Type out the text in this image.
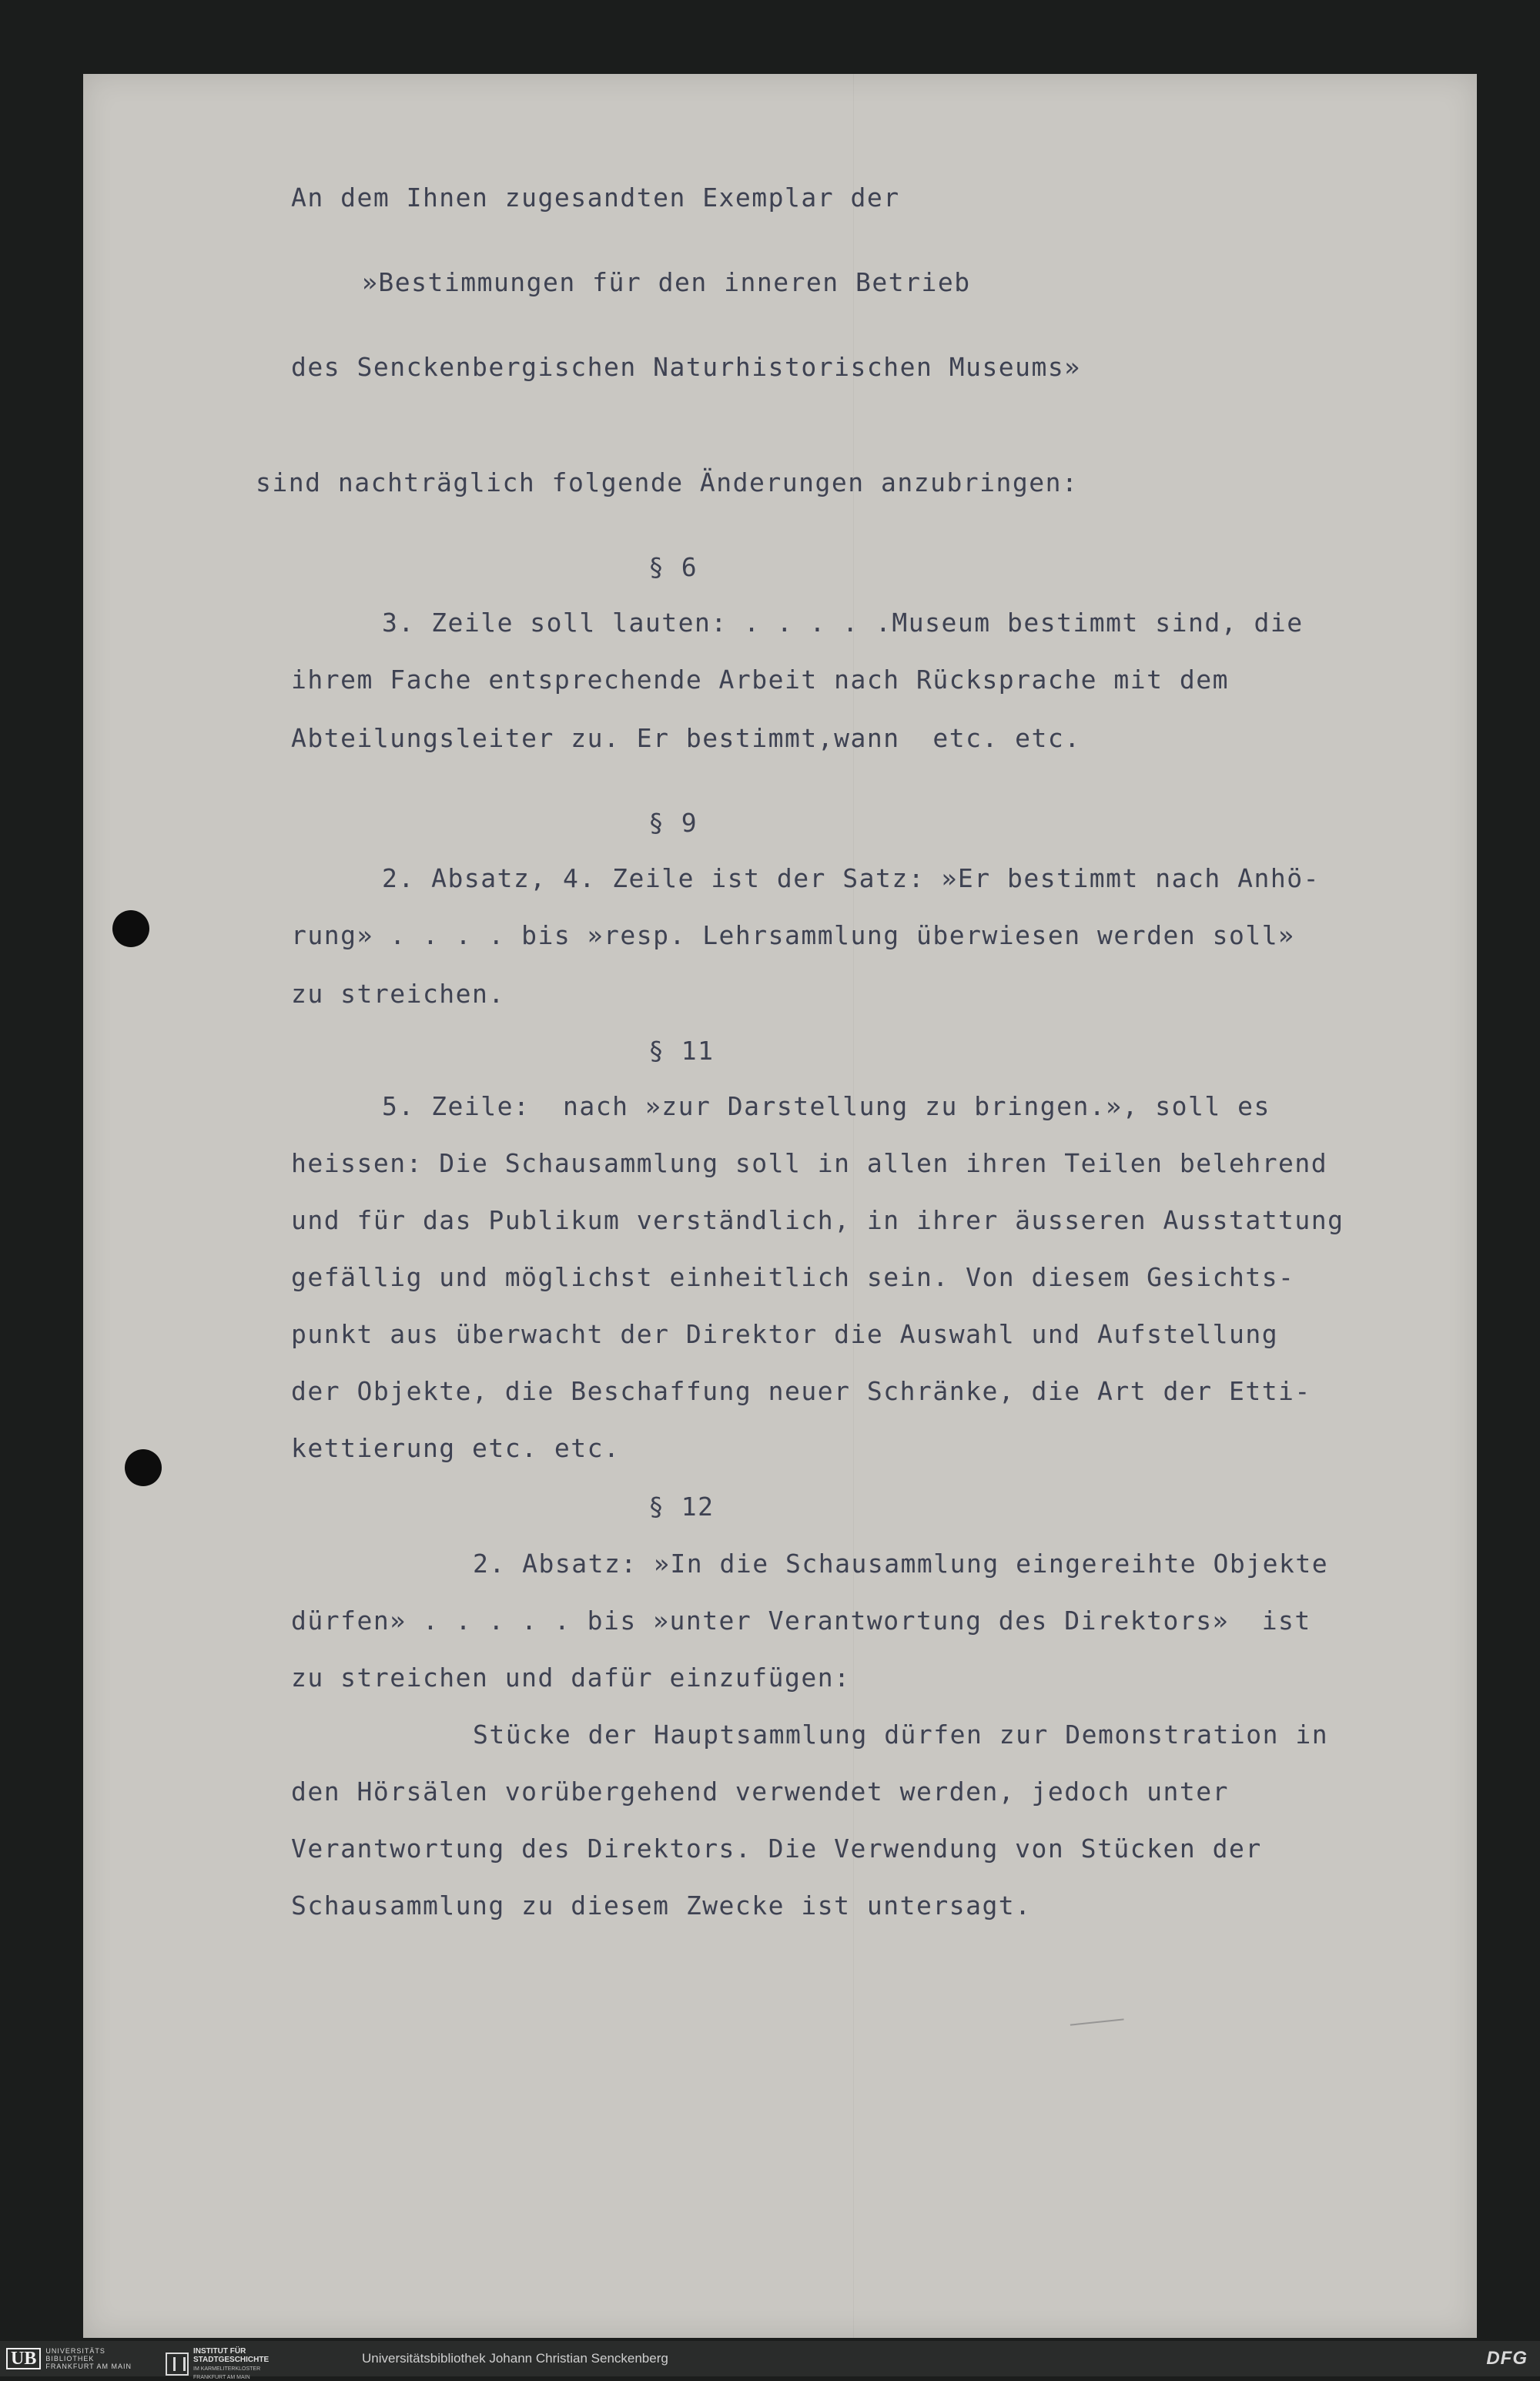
An dem Ihnen zugesandten Exemplar der
»Bestimmungen für den inneren Betrieb
des Senckenbergischen Naturhistorischen Museums»
sind nachträglich folgende Änderungen anzubringen:
§ 6
3. Zeile soll lauten: . . . . .Museum bestimmt sind, die
ihrem Fache entsprechende Arbeit nach Rücksprache mit dem
Abteilungsleiter zu. Er bestimmt,wann  etc. etc.
§ 9
2. Absatz, 4. Zeile ist der Satz: »Er bestimmt nach Anhö-
rung» . . . . bis »resp. Lehrsammlung überwiesen werden soll»
zu streichen.
§ 11
5. Zeile:  nach »zur Darstellung zu bringen.», soll es
heissen: Die Schausammlung soll in allen ihren Teilen belehrend
und für das Publikum verständlich, in ihrer äusseren Ausstattung
gefällig und möglichst einheitlich sein. Von diesem Gesichts-
punkt aus überwacht der Direktor die Auswahl und Aufstellung
der Objekte, die Beschaffung neuer Schränke, die Art der Etti-
kettierung etc. etc.
§ 12
2. Absatz: »In die Schausammlung eingereihte Objekte
dürfen» . . . . . bis »unter Verantwortung des Direktors»  ist
zu streichen und dafür einzufügen:
Stücke der Hauptsammlung dürfen zur Demonstration in
den Hörsälen vorübergehend verwendet werden, jedoch unter
Verantwortung des Direktors. Die Verwendung von Stücken der
Schausammlung zu diesem Zwecke ist untersagt.
UB	UNIVERSITÄTS
BIBLIOTHEK
FRANKFURT AM MAIN
INSTITUT FÜR
STADTGESCHICHTE
IM KARMELITERKLOSTER
FRANKFURT AM MAIN
Universitätsbibliothek Johann Christian Senckenberg	DFG
